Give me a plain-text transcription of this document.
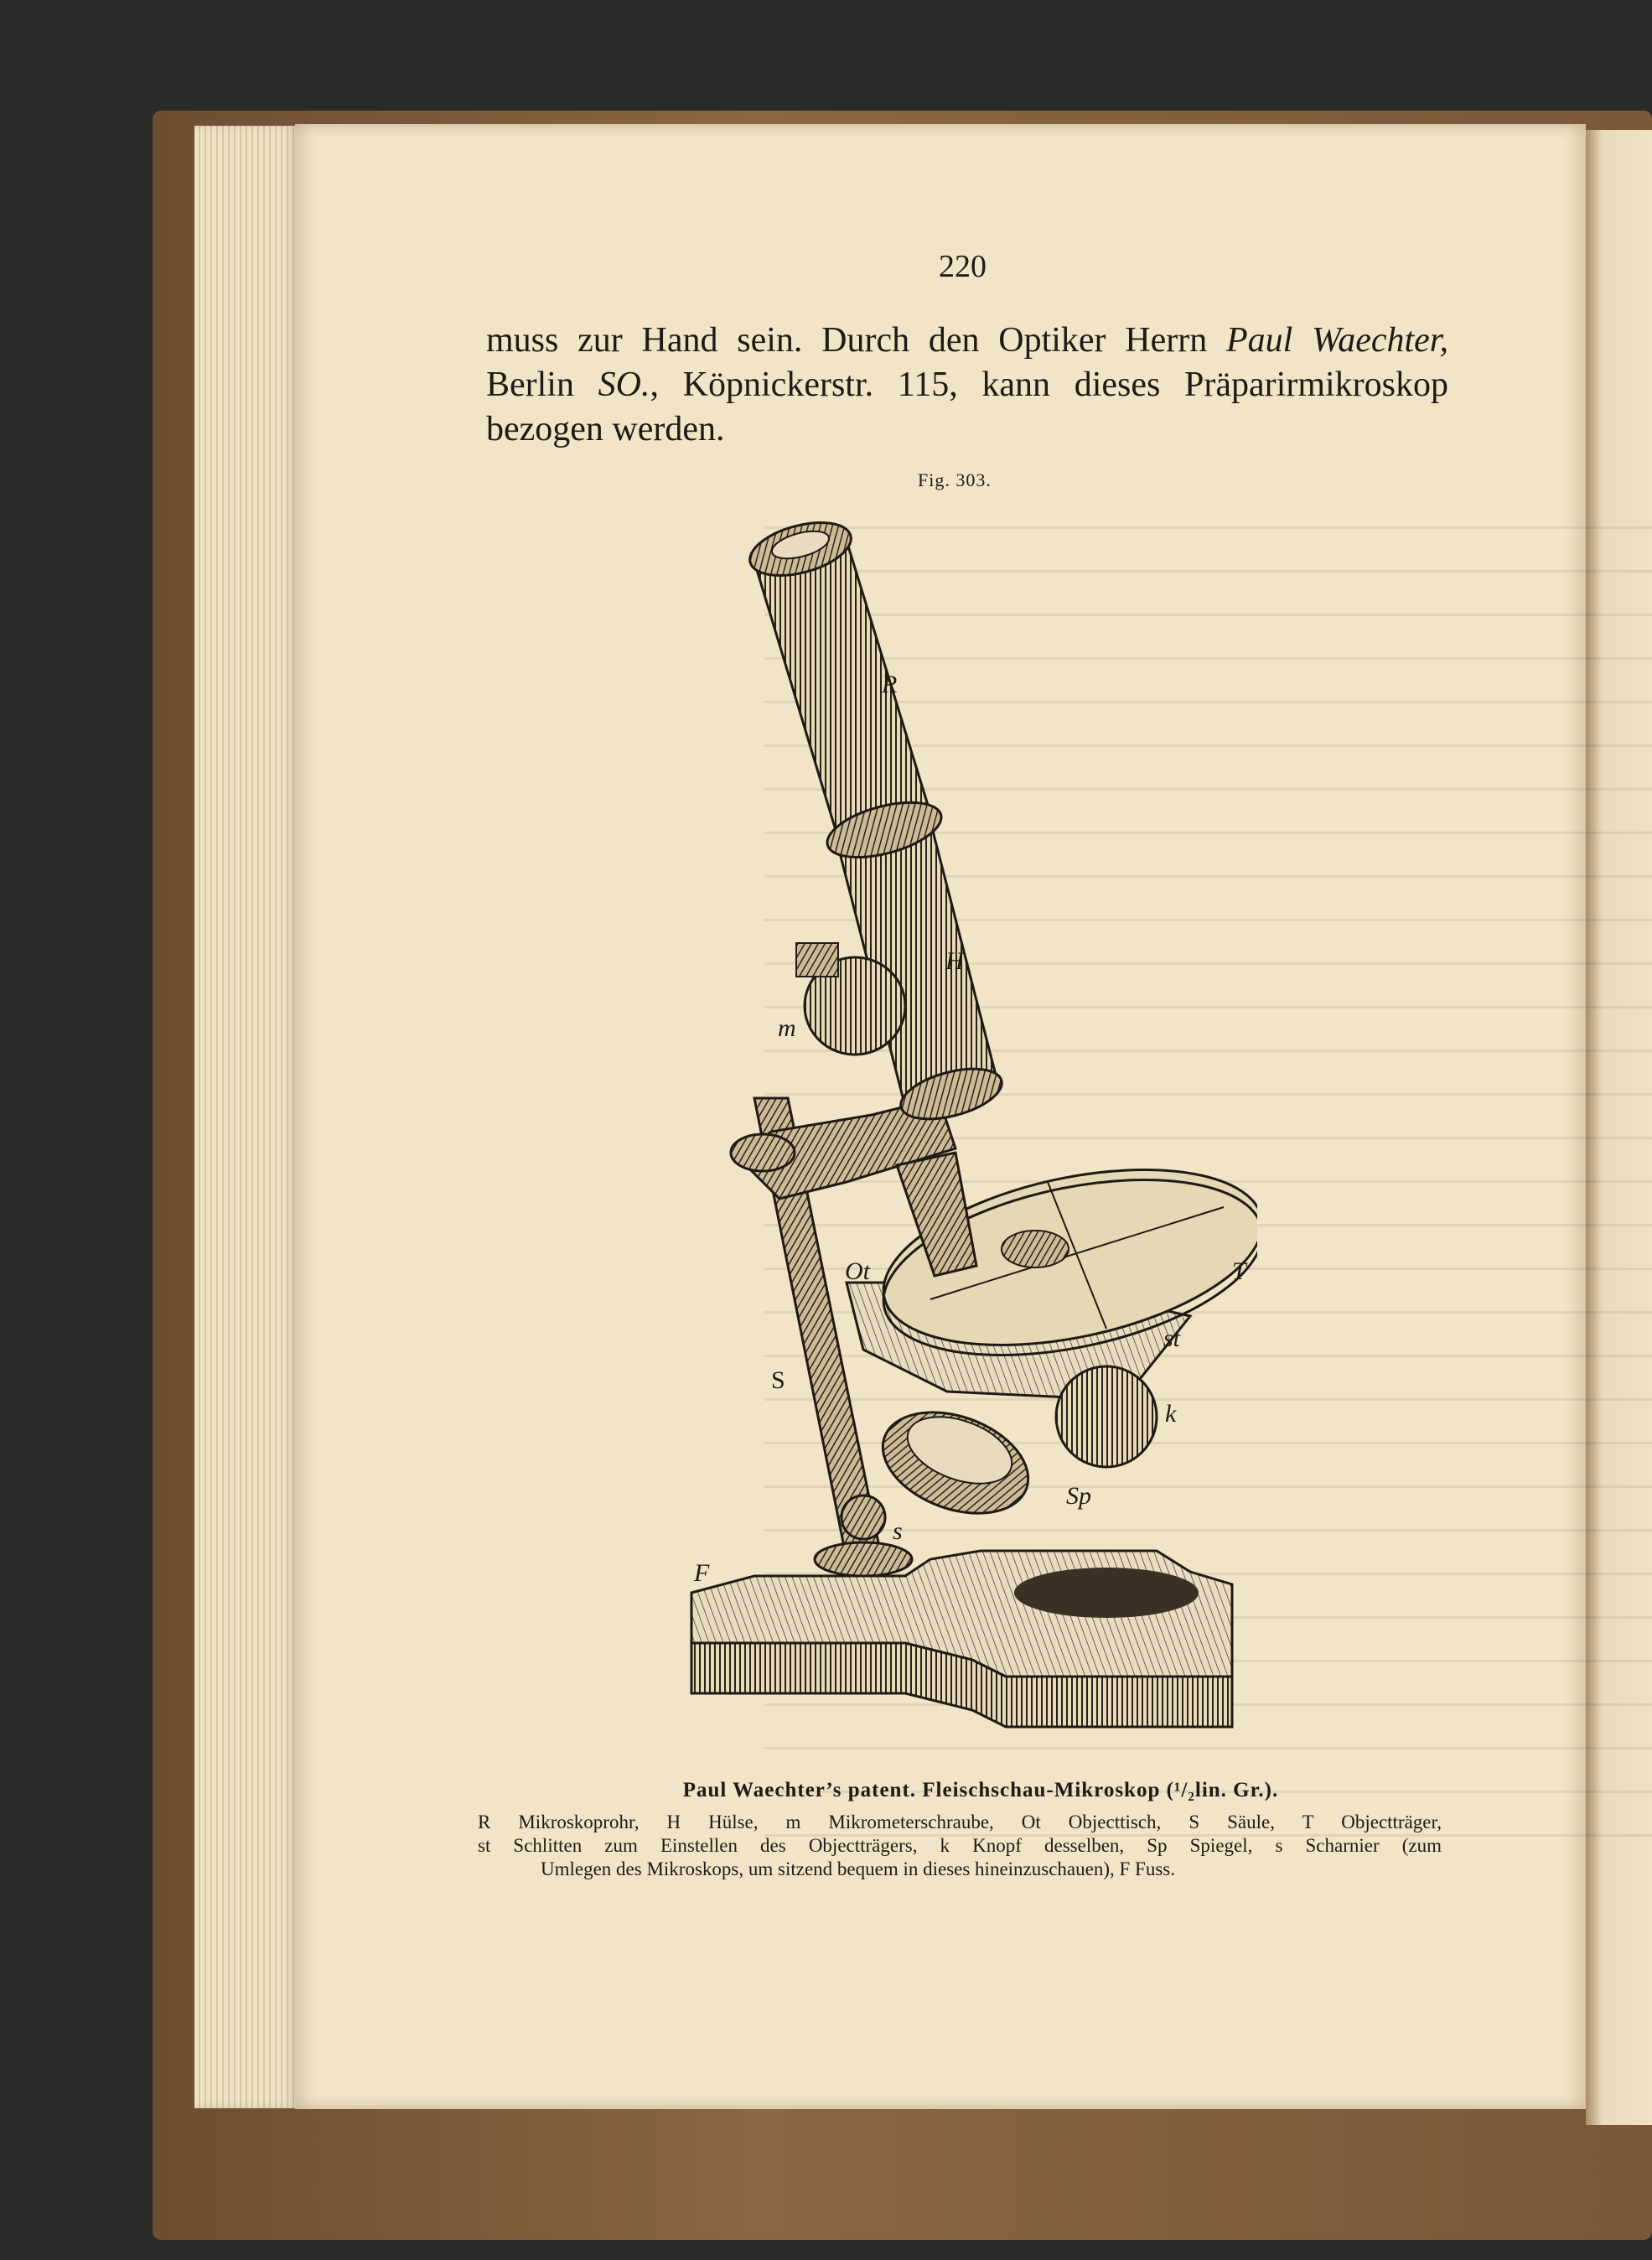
220
muss zur Hand sein. Durch den Optiker Herrn Paul Waechter,
Berlin SO., Köpnickerstr. 115, kann dieses Präparirmikroskop
bezogen werden.
Fig. 303.
R
H
m
Ot	T
st
S
k
Sp
s
F
Paul Waechter’s patent. Fleischschau-Mikroskop (¹/₂lin. Gr.).
R Mikroskoprohr, H Hülse, m Mikrometerschraube, Ot Objecttisch, S Säule, T Objectträger,
st Schlitten zum Einstellen des Objectträgers, k Knopf desselben, Sp Spiegel, s Scharnier (zum
Umlegen des Mikroskops, um sitzend bequem in dieses hineinzuschauen), F Fuss.
